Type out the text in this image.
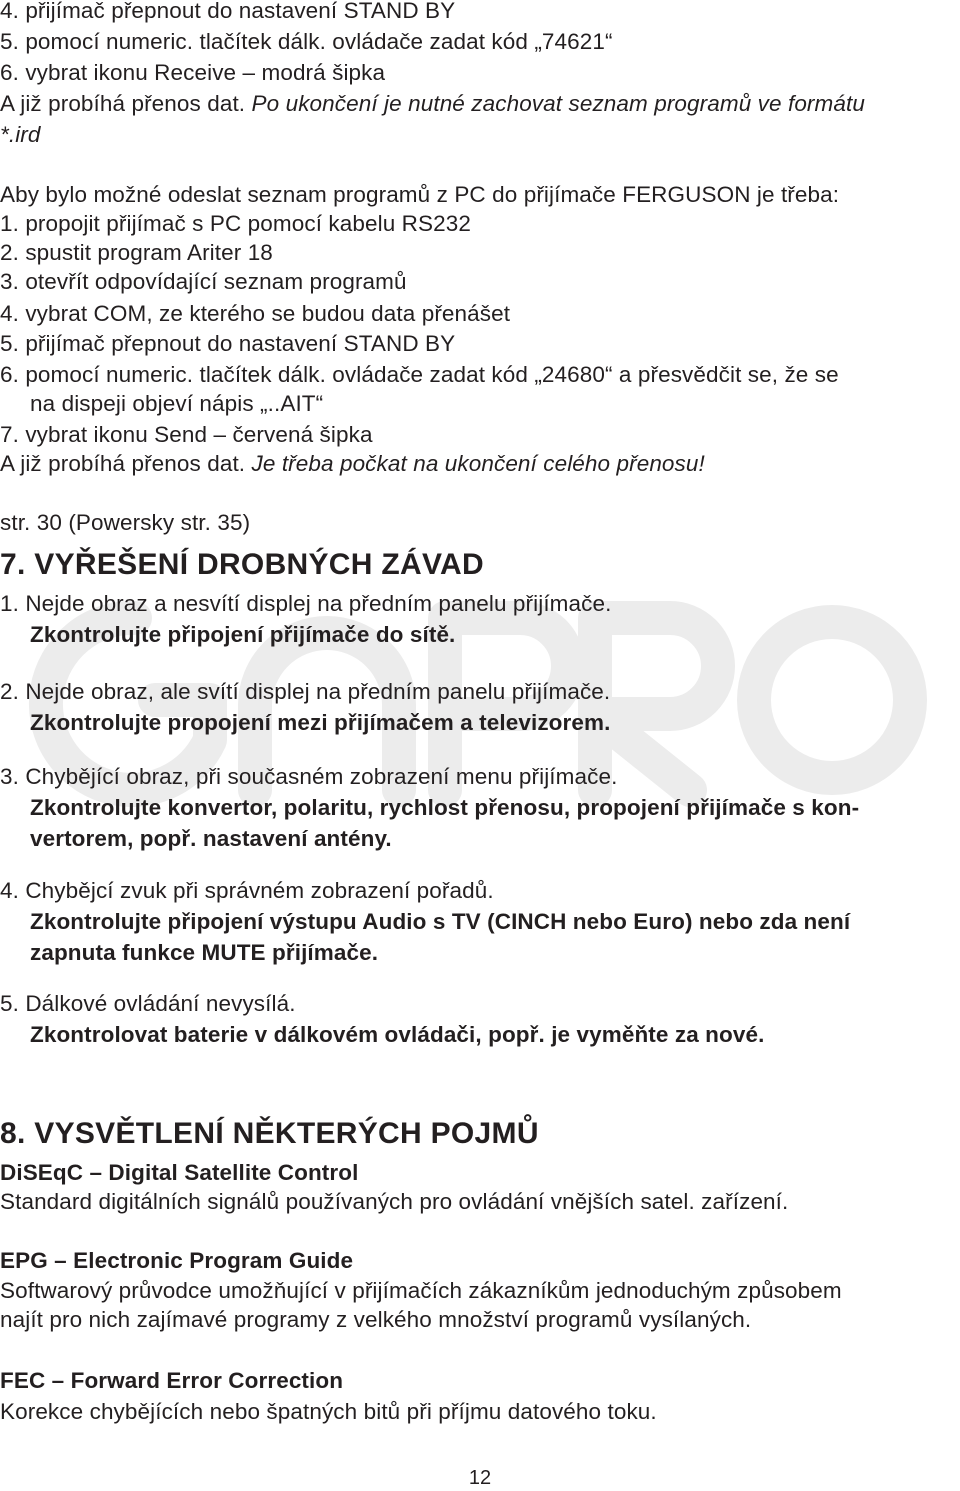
4. přijímač přepnout do nastavení STAND BY
5. pomocí numeric. tlačítek dálk. ovládače zadat kód „74621“
6. vybrat ikonu Receive – modrá šipka
A již probíhá přenos dat. Po ukončení je nutné zachovat seznam programů ve formátu
*.ird
Aby bylo možné odeslat seznam programů z PC do přijímače FERGUSON je třeba:
1. propojit přijímač s PC pomocí kabelu RS232
2. spustit program Ariter 18
3. otevřít odpovídající seznam programů
4. vybrat COM, ze kterého se budou data přenášet
5. přijímač přepnout do nastavení STAND BY
6. pomocí numeric. tlačítek dálk. ovládače zadat kód „24680“ a přesvědčit se, že se
na dispeji objeví nápis „..AIT“
7. vybrat ikonu Send – červená šipka
A již probíhá přenos dat. Je třeba počkat na ukončení celého přenosu!
str. 30 (Powersky str. 35)
7. VYŘEŠENÍ DROBNÝCH ZÁVAD
1. Nejde obraz a nesvítí displej na předním panelu přijímače.
Zkontrolujte připojení přijímače do sítě.
2. Nejde obraz, ale svítí displej na předním panelu přijímače.
Zkontrolujte propojení mezi přijímačem a televizorem.
3. Chybějící obraz, při současném zobrazení menu přijímače.
Zkontrolujte konvertor, polaritu, rychlost přenosu, propojení přijímače s kon-
vertorem, popř. nastavení antény.
4. Chybějcí zvuk při správném zobrazení pořadů.
Zkontrolujte připojení výstupu Audio s TV (CINCH nebo Euro) nebo zda není
zapnuta funkce MUTE přijímače.
5. Dálkové ovládání nevysílá.
Zkontrolovat baterie v dálkovém ovládači, popř. je vyměňte za nové.
8. VYSVĚTLENÍ NĚKTERÝCH POJMŮ
DiSEqC – Digital Satellite Control
Standard digitálních signálů používaných pro ovládání vnějších satel. zařízení.
EPG – Electronic Program Guide
Softwarový průvodce umožňující v přijímačích zákazníkům jednoduchým způsobem
najít pro nich zajímavé programy z velkého množství programů vysílaných.
FEC – Forward Error Correction
Korekce chybějících nebo špatných bitů při příjmu datového toku.
12
